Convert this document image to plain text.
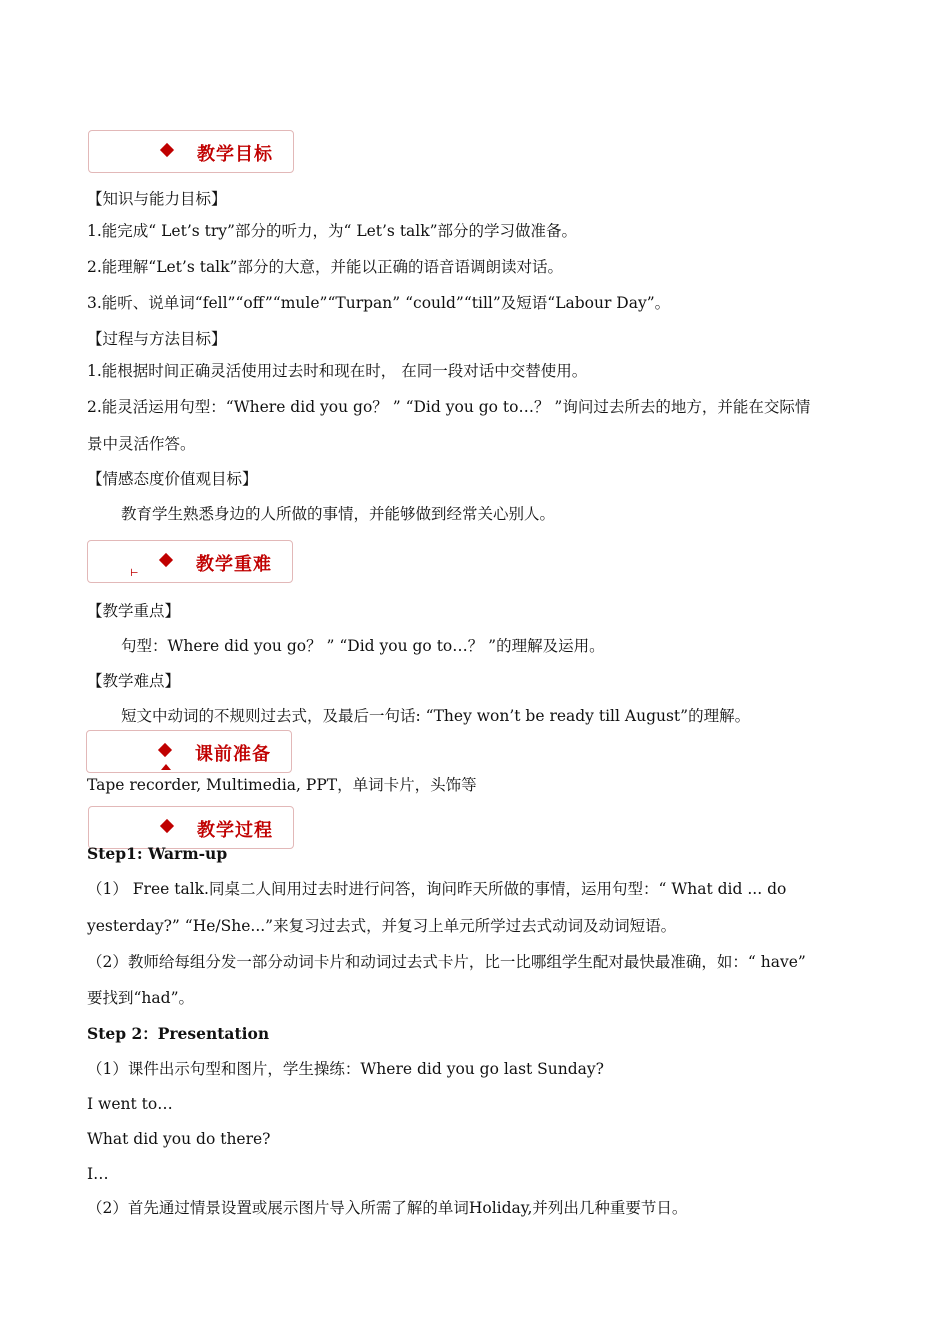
教学目标
【知识与能力目标】
1.能完成“ Let’s try”部分的听力，为“ Let’s talk”部分的学习做准备。
2.能理解“Let’s talk”部分的大意，并能以正确的语音语调朗读对话。
3.能听、说单词“fell”“off”“mule”“Turpan” “could”“till”及短语“Labour Day”。
【过程与方法目标】
1.能根据时间正确灵活使用过去时和现在时， 在同一段对话中交替使用。
2.能灵活运用句型：“Where did you go？ ” “Did you go to…？ ”询问过去所去的地方，并能在交际情
景中灵活作答。
【情感态度价值观目标】
教育学生熟悉身边的人所做的事情，并能够做到经常关心别人。
教学重难
⊢
【教学重点】
句型：Where did you go？ ” “Did you go to…？ ”的理解及运用。
【教学难点】
短文中动词的不规则过去式，及最后一句话: “They won’t be ready till August”的理解。
课前准备
Tape recorder, Multimedia, PPT，单词卡片，头饰等
教学过程
Step1: Warm-up
（1） Free talk.同桌二人间用过去时进行问答，询问昨天所做的事情，运用句型：“ What did ... do
yesterday?” “He/She...”来复习过去式，并复习上单元所学过去式动词及动词短语。
（2）教师给每组分发一部分动词卡片和动词过去式卡片，比一比哪组学生配对最快最准确，如：“ have”
要找到“had”。
Step 2：Presentation
（1）课件出示句型和图片，学生操练：Where did you go last Sunday?
I went to…
What did you do there?
I…
（2）首先通过情景设置或展示图片导入所需了解的单词Holiday,并列出几种重要节日。
